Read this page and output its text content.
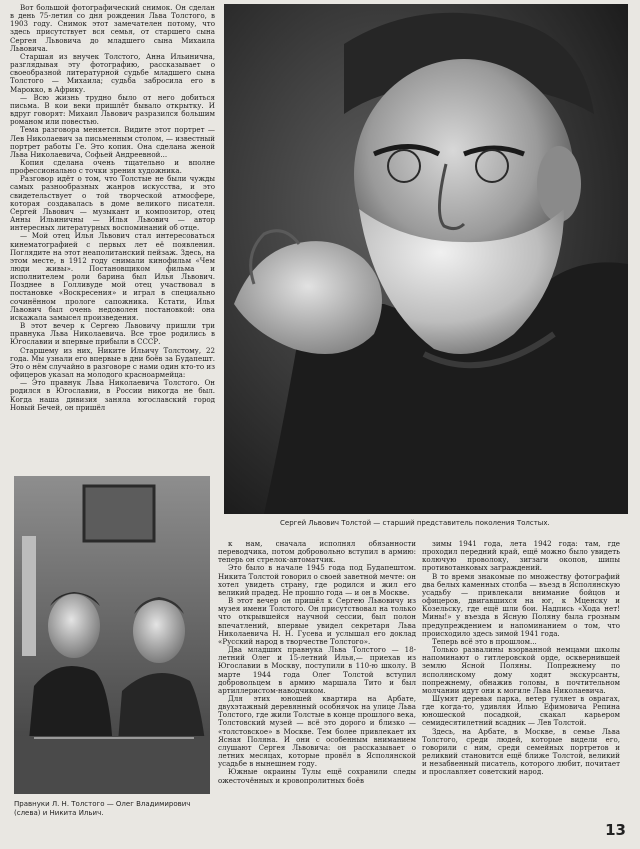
Вот большой фотографический снимок. Он сделан в день 75-летия со дня рождения Льва Толстого, в 1903 году. Снимок этот замечателен потому, что здесь присутствует вся семья, от старшего сына Сергея Львовича до младшего сына Михаила Львовича.

Старшая из внучек Толстого, Анна Ильинична, разглядывая эту фотографию, рассказывает о своеобразной литературной судьбе младшего сына Толстого — Михаила; судьба забросила его в Марокко, в Африку.

— Всю жизнь трудно было от него добиться письма. В кои веки пришлёт бывало открытку. И вдруг говорят: Михаил Львович разразился большим романом или повестью.

Тема разговора меняется. Видите этот портрет — Лев Николаевич за письменным столом, — известный портрет работы Ге. Это копия. Она сделана женой Льва Николаевича, Софьей Андреевной...

Копия сделана очень тщательно и вполне профессионально с точки зрения художника.

Разговор идёт о том, что Толстые не были чужды самых разнообразных жанров искусства, и это свидетельствует о той творческой атмосфере, которая создавалась в доме великого писателя. Сергей Львович — музыкант и композитор, отец Анны Ильиничны — Илья Львович — автор интересных литературных воспоминаний об отце.

— Мой отец Илья Львович стал интересоваться кинематографией с первых лет её появления. Поглядите на этот неаполитанский пейзаж. Здесь, на этом месте, в 1912 году снимали кинофильм «Чем люди живы». Постановщиком фильма и исполнителем роли барина был Илья Львович. Позднее в Голливуде мой отец участвовал в постановке «Воскресения» и играл в специально сочинённом прологе сапожника. Кстати, Илья Львович был очень недоволен постановкой: она искажала замысел произведения.

В этот вечер к Сергею Львовичу пришли три правнука Льва Николаевича. Все трое родились в Югославии и впервые прибыли в СССР.

Старшему из них, Никите Ильичу Толстому, 22 года. Мы узнали его впервые в дни боёв за Будапешт. Это о нём случайно в разговоре с нами один кто-то из офицеров указал на молодого красноармейца:

— Это правнук Льва Николаевича Толстого. Он родился в Югославии, в России никогда не был. Когда наша дивизия заняла югославский город Новый Бечей, он пришёл

к нам, сначала исполнял обязанности переводчика, потом добровольно вступил в армию: теперь он стрелок-автоматчик.

Это было в начале 1945 года под Будапештом. Никита Толстой говорил о своей заветной мечте: он хотел увидеть страну, где родился и жил его великий прадед. Не прошло года — и он в Москве.

В этот вечер он пришёл к Сергею Львовичу из музея имени Толстого. Он присутствовал на только что открывшейся научной сессии, был полон впечатлений, впервые увидел секретаря Льва Николаевича Н. Н. Гусева и услышал его доклад «Русский народ в творчестве Толстого».

Два младших правнука Льва Толстого — 18-летний Олег и 15-летний Илья,— приехав из Югославии в Москву, поступили в 110-ю школу. В марте 1944 года Олег Толстой вступил добровольцем в армию маршала Тито и был артиллеристом-наводчиком.

Для этих юношей квартира на Арбате, двухэтажный деревянный особнячок на улице Льва Толстого, где жили Толстые в конце прошлого века, Толстовский музей — всё это дорого и близко — «толстовское» в Москве. Тем более привлекает их Ясная Поляна. И они с особенным вниманием слушают Сергея Львовича: он рассказывает о летних месяцах, которые провёл в Ясполянской усадьбе в нынешнем году.

Южные окраины Тулы ещё сохранили следы ожесточённых и кровопролитных боёв

зимы 1941 года, лета 1942 года: там, где проходил передний край, ещё можно было увидеть колючую проволоку, зигзаги окопов, шипы противотанковых заграждений.

В то время знакомые по множеству фотографий два белых каменных столба — въезд в Ясполянскую усадьбу — привлекали внимание бойцов и офицеров, двигавшихся на юг, к Мценску и Козельску, где ещё шли бои. Надпись «Хода нет! Мины!» у въезда в Ясную Поляну была грозным предупреждением и напоминанием о том, что происходило здесь зимой 1941 года.

Теперь всё это в прошлом...

Только развалины взорванной немцами школы напоминают о гитлеровской орде, осквернившей землю Ясной Поляны. Попрежнему по ясполянскому дому ходят экскурсанты, попрежнему, обнажив головы, в почтительном молчании идут они к могиле Льва Николаевича.

Шумят деревья парка, ветер гуляет в оврагах, где когда-то, удивляя Илью Ефимовича Репина юношеской посадкой, скакал карьером семидесятилетний всадник — Лев Толстой.

Здесь, на Арбате, в Москве, в семье Льва Толстого, среди людей, которые видели его, говорили с ним, среди семейных портретов и реликвий становится ещё ближе Толстой, великий и незабвенный писатель, которого любит, почитает и прославляет советский народ.

Сергей Львович Толстой — старший представитель поколения Толстых.
Правнуки Л. Н. Толстого — Олег Владимирович (слева) и Никита Ильич.
13
